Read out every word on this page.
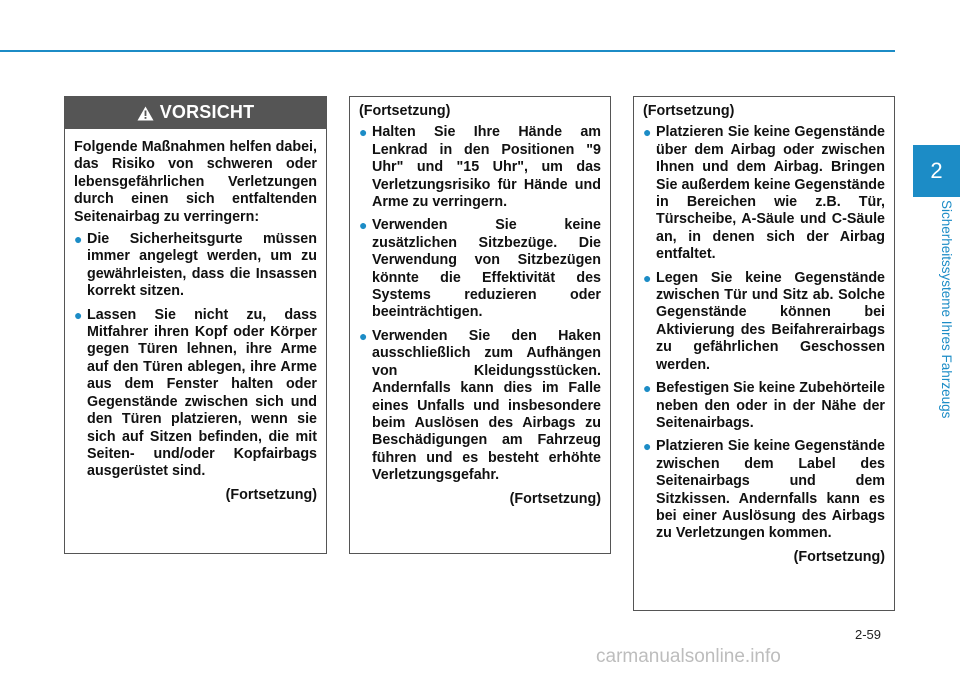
2
Sicherheitssysteme Ihres Fahrzeugs
VORSICHT

Folgende Maßnahmen helfen dabei, das Risiko von schweren oder lebensgefährlichen Verletzungen durch einen sich entfaltenden Seitenairbag zu verringern:

● Die Sicherheitsgurte müssen immer angelegt werden, um zu gewährleisten, dass die Insassen korrekt sitzen.
● Lassen Sie nicht zu, dass Mitfahrer ihren Kopf oder Körper gegen Türen lehnen, ihre Arme auf den Türen ablegen, ihre Arme aus dem Fenster halten oder Gegenstände zwischen sich und den Türen platzieren, wenn sie sich auf Sitzen befinden, die mit Seiten- und/oder Kopfairbags ausgerüstet sind.
(Fortsetzung)
(Fortsetzung)
● Halten Sie Ihre Hände am Lenkrad in den Positionen "9 Uhr" und "15 Uhr", um das Verletzungsrisiko für Hände und Arme zu verringern.
● Verwenden Sie keine zusätzlichen Sitzbezüge. Die Verwendung von Sitzbezügen könnte die Effektivität des Systems reduzieren oder beeinträchtigen.
● Verwenden Sie den Haken ausschließlich zum Aufhängen von Kleidungsstücken. Andernfalls kann dies im Falle eines Unfalls und insbesondere beim Auslösen des Airbags zu Beschädigungen am Fahrzeug führen und es besteht erhöhte Verletzungsgefahr.
(Fortsetzung)
(Fortsetzung)
● Platzieren Sie keine Gegenstände über dem Airbag oder zwischen Ihnen und dem Airbag. Bringen Sie außerdem keine Gegenstände in Bereichen wie z.B. Tür, Türscheibe, A-Säule und C-Säule an, in denen sich der Airbag entfaltet.
● Legen Sie keine Gegenstände zwischen Tür und Sitz ab. Solche Gegenstände können bei Aktivierung des Beifahrerairbags zu gefährlichen Geschossen werden.
● Befestigen Sie keine Zubehörteile neben den oder in der Nähe der Seitenairbags.
● Platzieren Sie keine Gegenstände zwischen dem Label des Seitenairbags und dem Sitzkissen. Andernfalls kann es bei einer Auslösung des Airbags zu Verletzungen kommen.
(Fortsetzung)
2-59
carmanualsonline.info
